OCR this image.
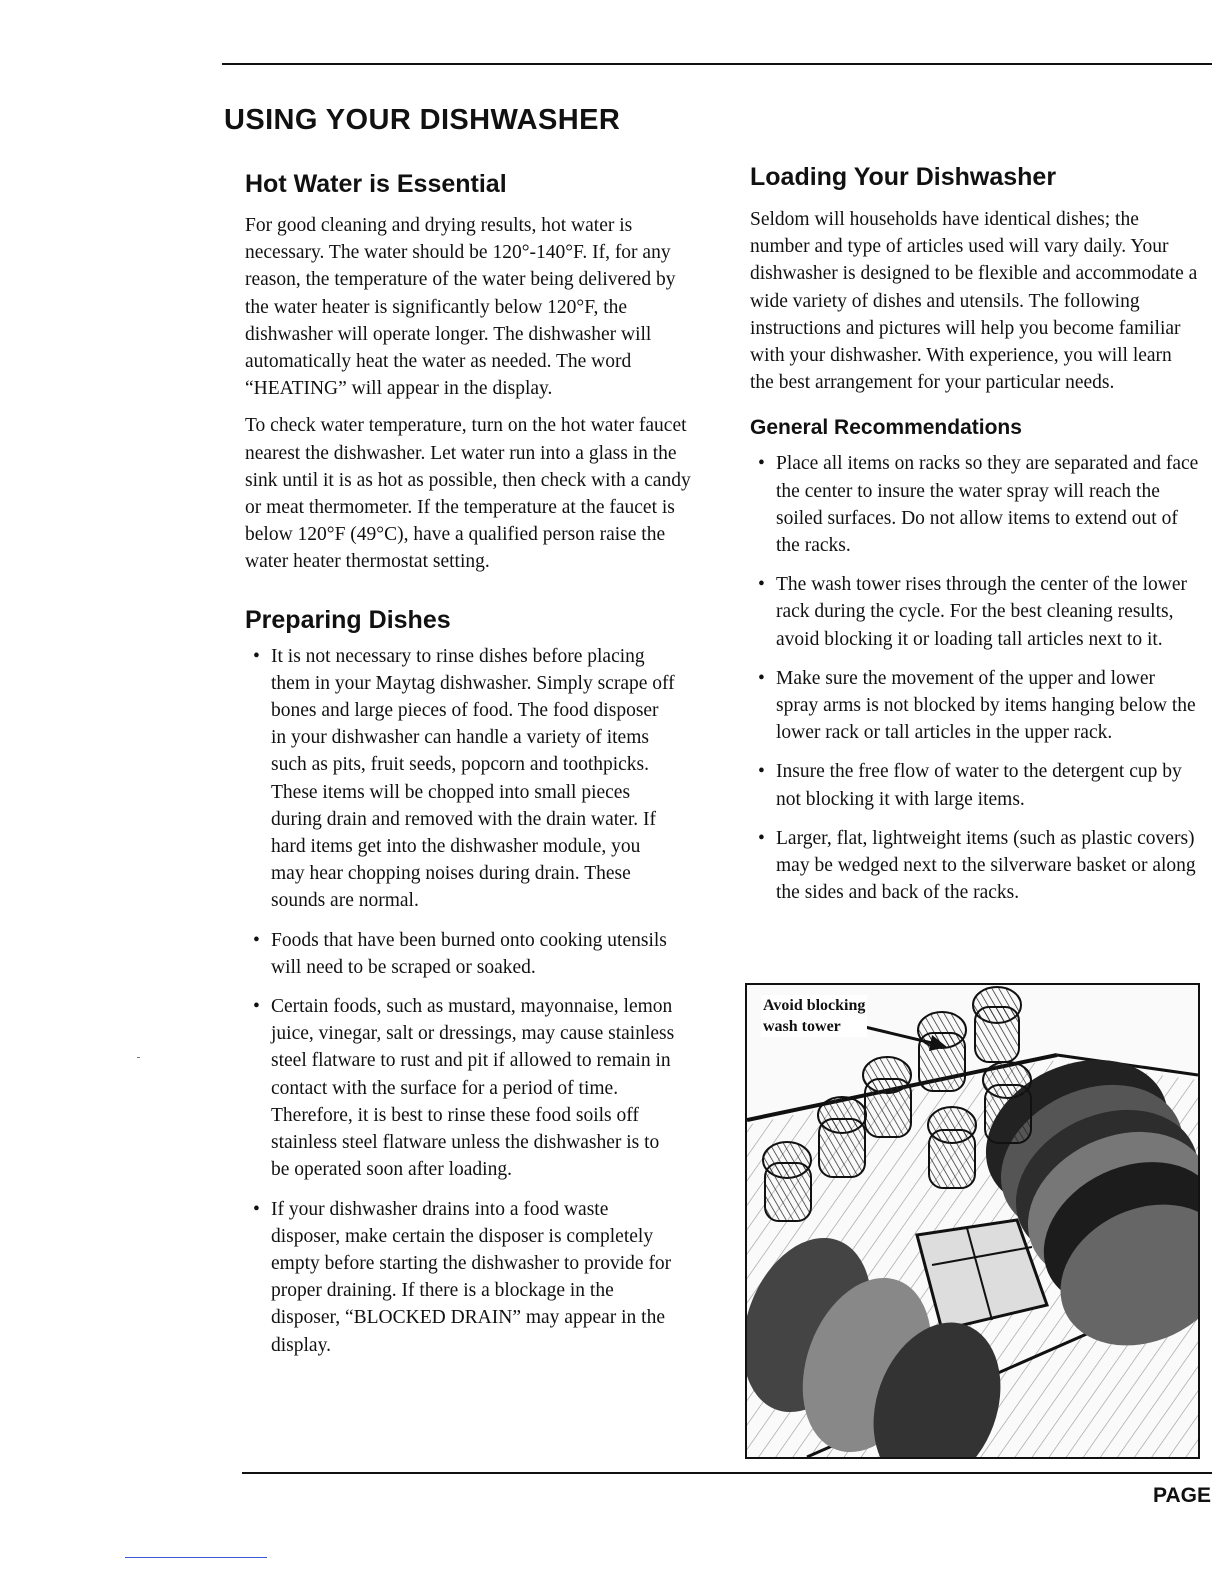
USING YOUR DISHWASHER
Hot Water is Essential

For good cleaning and drying results, hot water is necessary. The water should be 120°-140°F. If, for any reason, the temperature of the water being delivered by the water heater is significantly below 120°F, the dishwasher will operate longer. The dishwasher will automatically heat the water as needed. The word “HEATING” will appear in the display.

To check water temperature, turn on the hot water faucet nearest the dishwasher. Let water run into a glass in the sink until it is as hot as possible, then check with a candy or meat thermometer. If the temperature at the faucet is below 120°F (49°C), have a qualified person raise the water heater thermostat setting.

Preparing Dishes
• It is not necessary to rinse dishes before placing them in your Maytag dishwasher. Simply scrape off bones and large pieces of food. The food disposer in your dishwasher can handle a variety of items such as pits, fruit seeds, popcorn and toothpicks. These items will be chopped into small pieces during drain and removed with the drain water. If hard items get into the dishwasher module, you may hear chopping noises during drain. These sounds are normal.
• Foods that have been burned onto cooking utensils will need to be scraped or soaked.
• Certain foods, such as mustard, mayonnaise, lemon juice, vinegar, salt or dressings, may cause stainless steel flatware to rust and pit if allowed to remain in contact with the surface for a period of time. Therefore, it is best to rinse these food soils off stainless steel flatware unless the dishwasher is to be operated soon after loading.
• If your dishwasher drains into a food waste disposer, make certain the disposer is completely empty before starting the dishwasher to provide for proper draining. If there is a blockage in the disposer, “BLOCKED DRAIN” may appear in the display.
Loading Your Dishwasher

Seldom will households have identical dishes; the number and type of articles used will vary daily. Your dishwasher is designed to be flexible and accommodate a wide variety of dishes and utensils. The following instructions and pictures will help you become familiar with your dishwasher. With experience, you will learn the best arrangement for your particular needs.

General Recommendations
• Place all items on racks so they are separated and face the center to insure the water spray will reach the soiled surfaces. Do not allow items to extend out of the racks.
• The wash tower rises through the center of the lower rack during the cycle. For the best cleaning results, avoid blocking it or loading tall articles next to it.
• Make sure the movement of the upper and lower spray arms is not blocked by items hanging below the lower rack or tall articles in the upper rack.
• Insure the free flow of water to the detergent cup by not blocking it with large items.
• Larger, flat, lightweight items (such as plastic covers) may be wedged next to the silverware basket or along the sides and back of the racks.
Avoid blocking
wash tower
PAGE
